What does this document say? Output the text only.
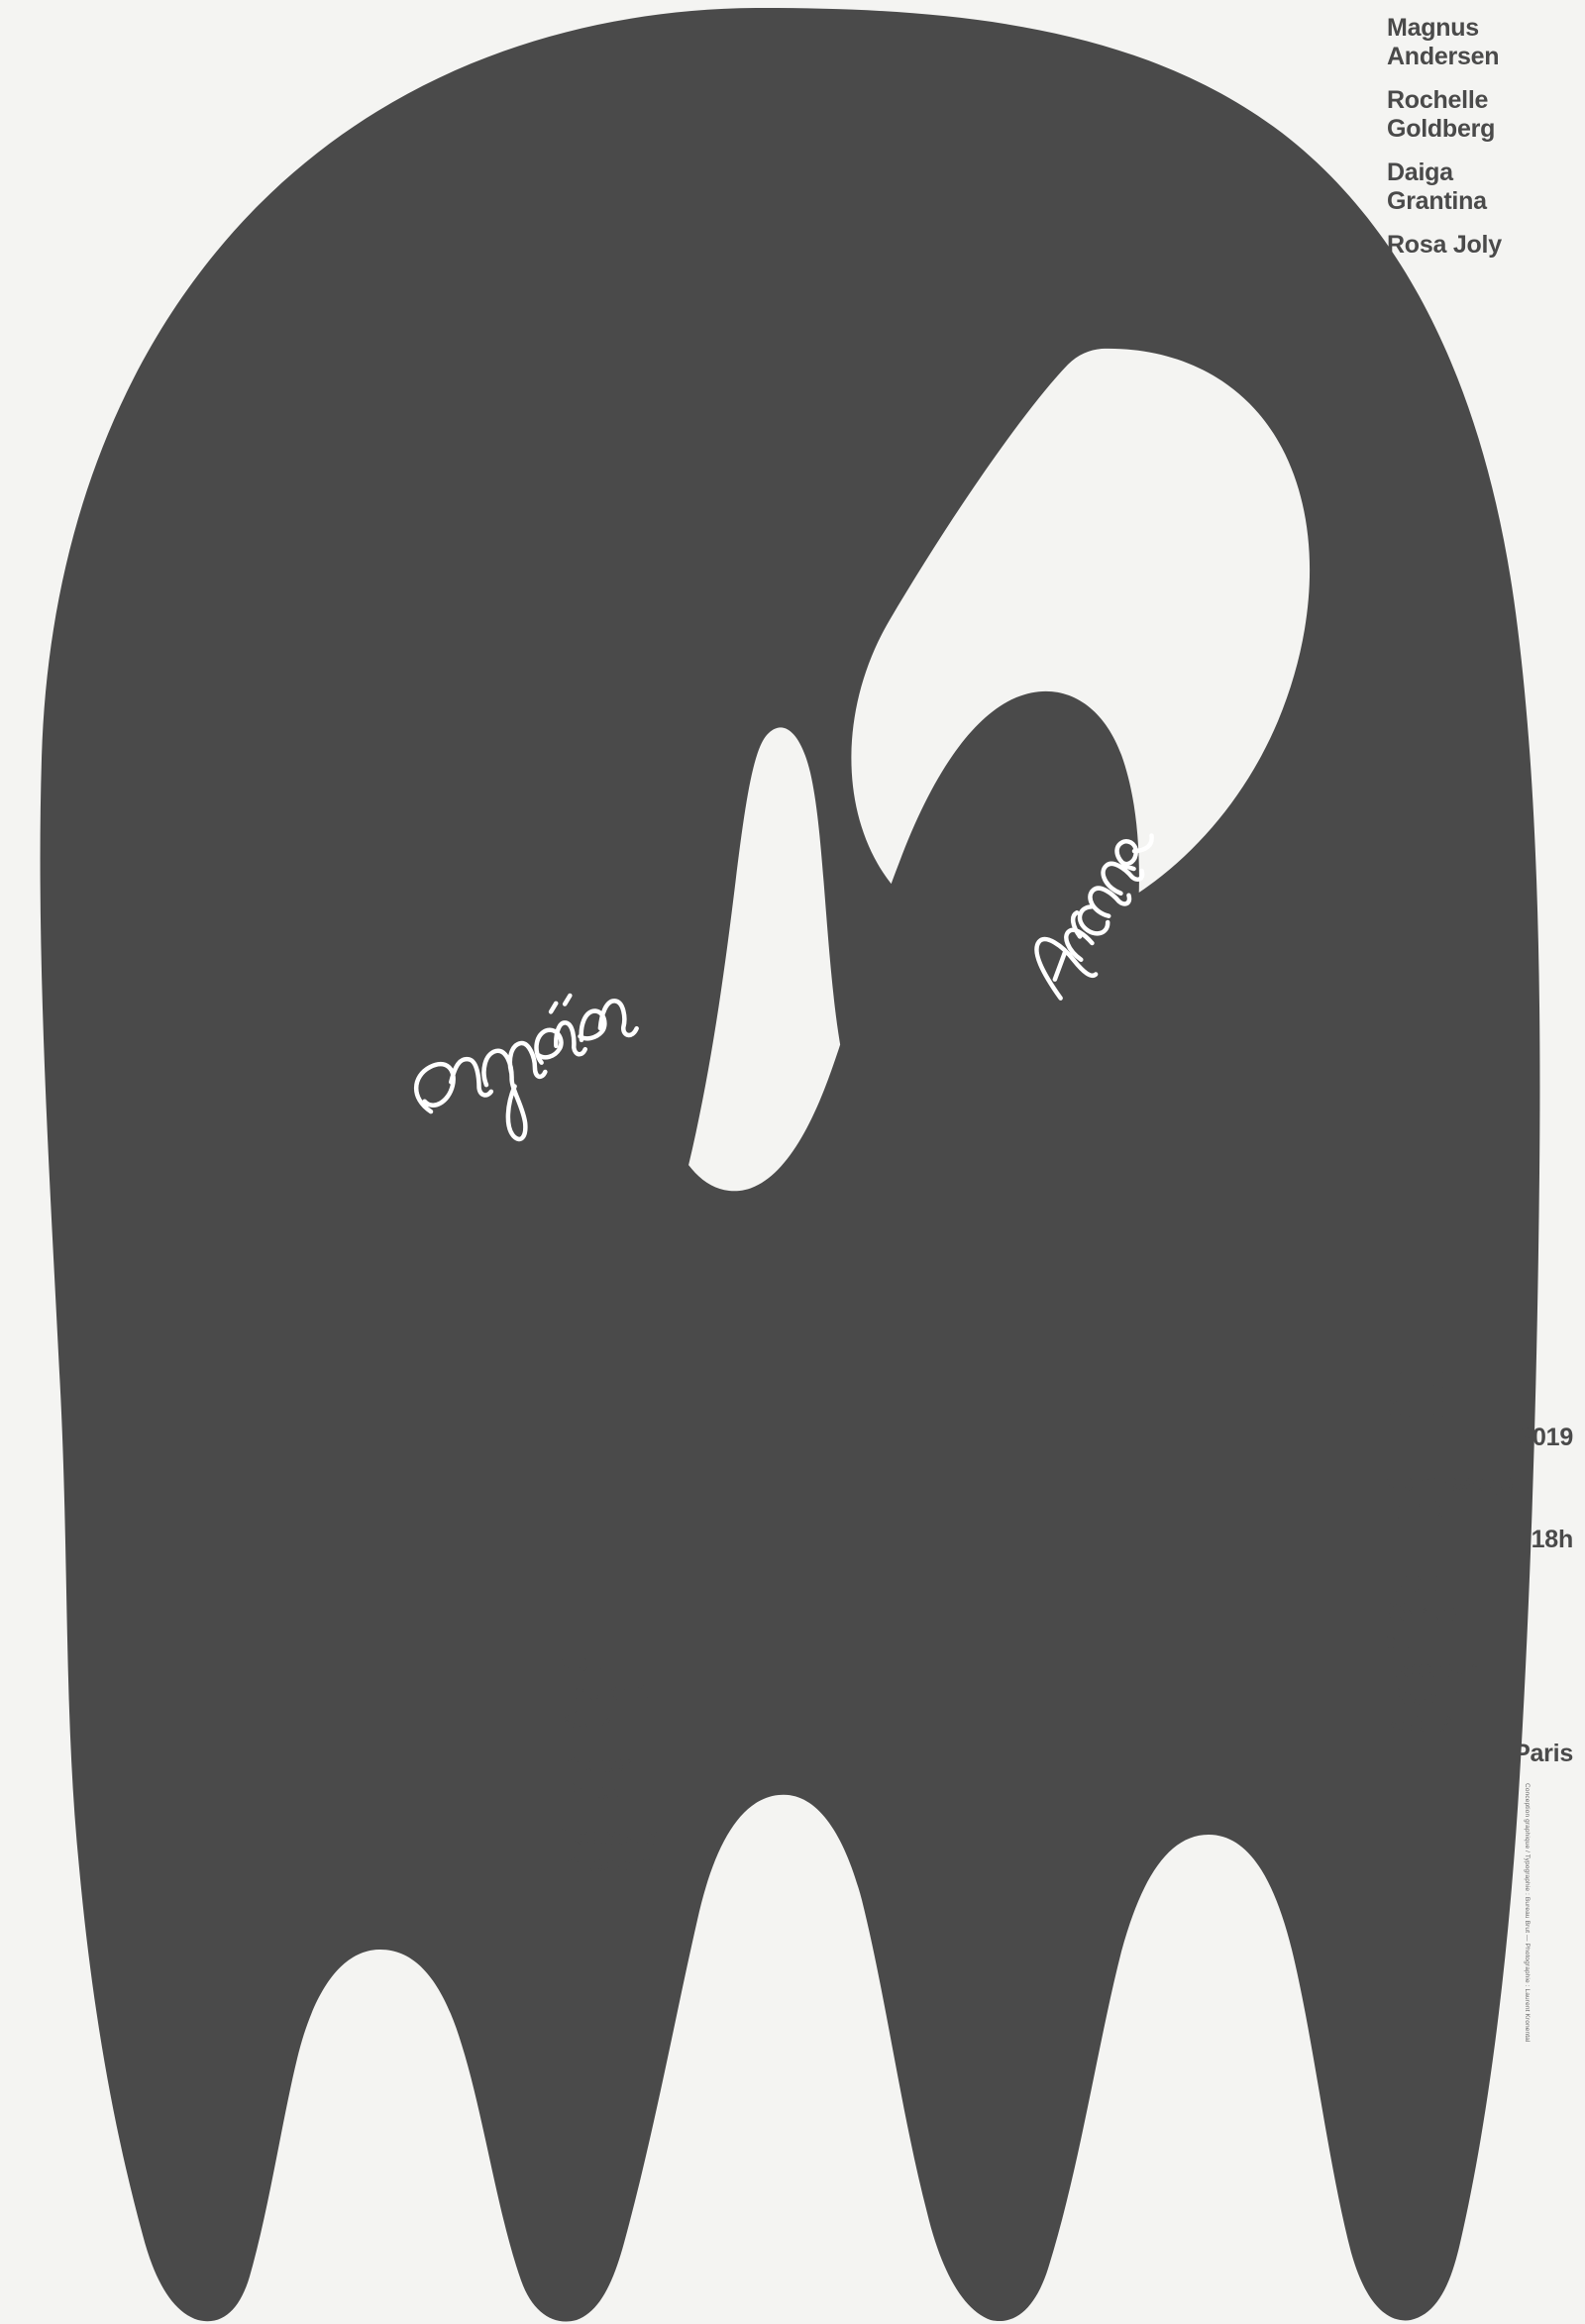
Magnus
Andersen
Rochelle
Goldberg
Daiga
Grantina
Rosa Joly
Veit
Laurent
Kurz
Walter
Price
Sebastian
Wiegand
12.10.–
20.10.
2019
Vernissage
11.10.
18h
DOC
26 rue
du
Docteur
Potain
75019
Paris
Conception graphique / Typographie : Bureau Brut — Photographie : Laurent Kronental
